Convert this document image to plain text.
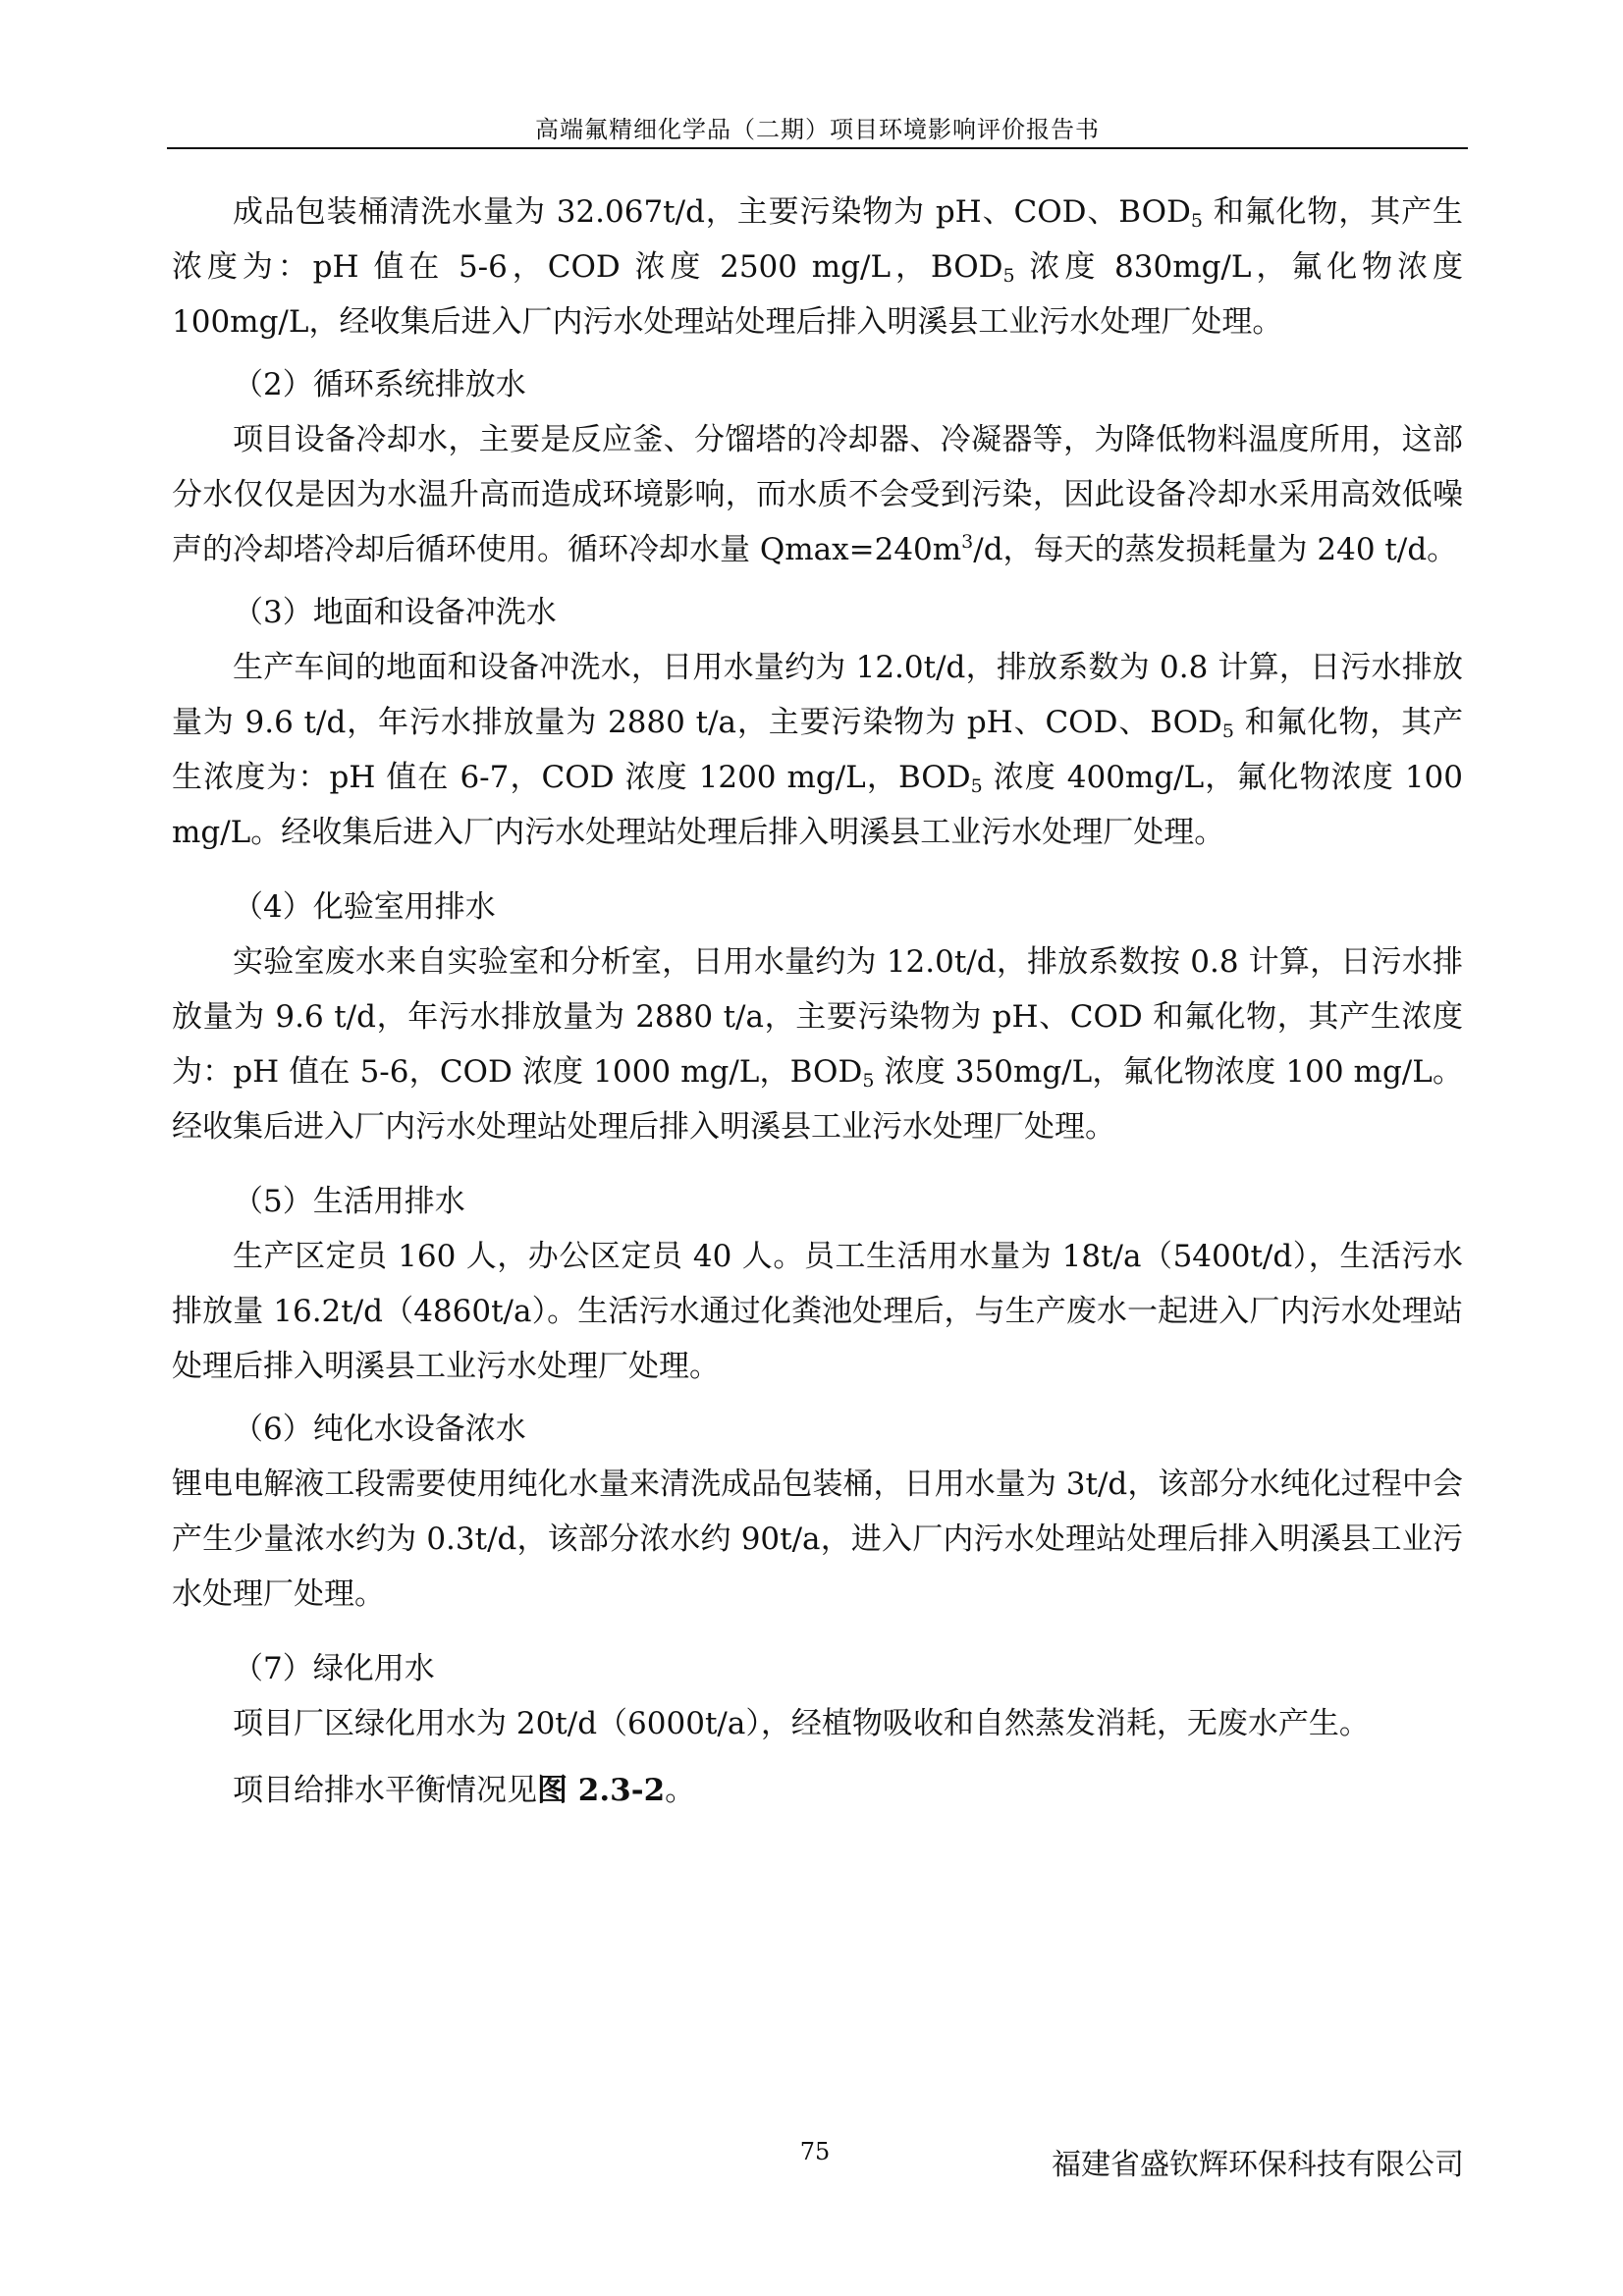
高端氟精细化学品（二期）项目环境影响评价报告书

成品包装桶清洗水量为 32.067t/d，主要污染物为 pH、COD、$BOD_5$ 和氟化物，其产生浓度为：pH 值在 5-6，COD 浓度 2500 mg/L，$BOD_5$ 浓度 830mg/L，氟化物浓度 100mg/L，经收集后进入厂内污水处理站处理后排入明溪县工业污水处理厂处理。

（2）循环系统排放水

项目设备冷却水，主要是反应釜、分馏塔的冷却器、冷凝器等，为降低物料温度所用，这部分水仅仅是因为水温升高而造成环境影响，而水质不会受到污染，因此设备冷却水采用高效低噪声的冷却塔冷却后循环使用。循环冷却水量 $Qmax=240m^3/d$，每天的蒸发损耗量为 240 t/d。

（3）地面和设备冲洗水

生产车间的地面和设备冲洗水，日用水量约为 12.0t/d，排放系数为 0.8 计算，日污水排放量为 9.6 t/d，年污水排放量为 2880 t/a，主要污染物为 pH、COD、$BOD_5$ 和氟化物，其产生浓度为：pH 值在 6-7，COD 浓度 1200 mg/L，$BOD_5$ 浓度 400mg/L，氟化物浓度 100 mg/L。经收集后进入厂内污水处理站处理后排入明溪县工业污水处理厂处理。

（4）化验室用排水

实验室废水来自实验室和分析室，日用水量约为 12.0t/d，排放系数按 0.8 计算，日污水排放量为 9.6 t/d，年污水排放量为 2880 t/a，主要污染物为 pH、COD 和氟化物，其产生浓度为：pH 值在 5-6，COD 浓度 1000 mg/L，$BOD_5$ 浓度 350mg/L，氟化物浓度 100 mg/L。经收集后进入厂内污水处理站处理后排入明溪县工业污水处理厂处理。

（5）生活用排水

生产区定员 160 人，办公区定员 40 人。员工生活用水量为 18t/a（5400t/d），生活污水排放量 16.2t/d（4860t/a）。生活污水通过化粪池处理后，与生产废水一起进入厂内污水处理站处理后排入明溪县工业污水处理厂处理。

（6）纯化水设备浓水

锂电电解液工段需要使用纯化水量来清洗成品包装桶，日用水量为 3t/d，该部分水纯化过程中会产生少量浓水约为 0.3t/d，该部分浓水约 90t/a，进入厂内污水处理站处理后排入明溪县工业污水处理厂处理。

（7）绿化用水

项目厂区绿化用水为 20t/d（6000t/a），经植物吸收和自然蒸发消耗，无废水产生。

项目给排水平衡情况见图 2.3-2。

75	福建省盛钦辉环保科技有限公司
